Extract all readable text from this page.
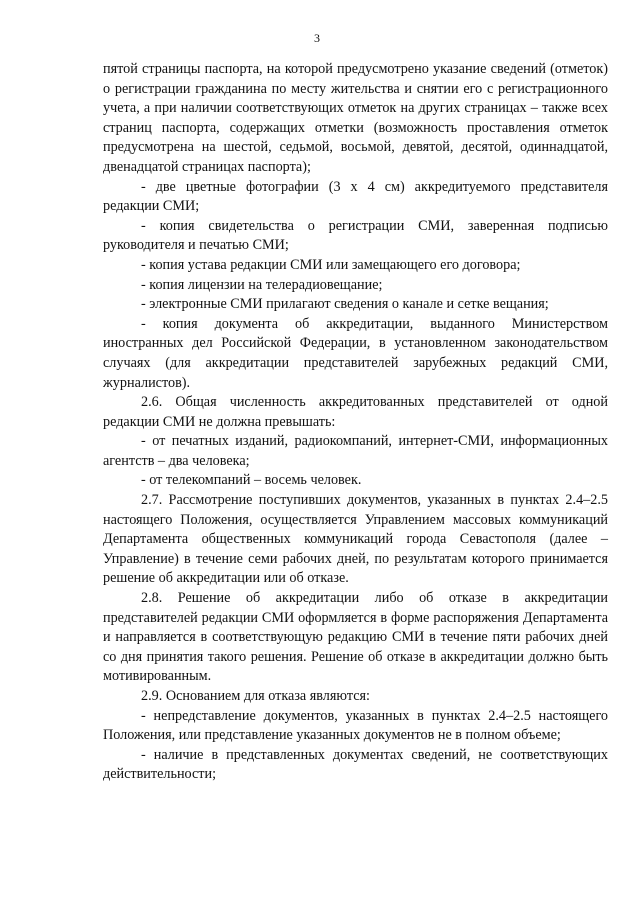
3

пятой страницы паспорта, на которой предусмотрено указание сведений (отметок) о регистрации гражданина по месту жительства и снятии его с регистрационного учета, а при наличии соответствующих отметок на других страницах – также всех страниц паспорта, содержащих отметки (возможность проставления отметок предусмотрена на шестой, седьмой, восьмой, девятой, десятой, одиннадцатой, двенадцатой страницах паспорта);

- две цветные фотографии (3 х 4 см) аккредитуемого представителя редакции СМИ;

- копия свидетельства о регистрации СМИ, заверенная подписью руководителя и печатью СМИ;

- копия устава редакции СМИ или замещающего его договора;

- копия лицензии на телерадиовещание;

- электронные СМИ прилагают сведения о канале и сетке вещания;

- копия документа об аккредитации, выданного Министерством иностранных дел Российской Федерации, в установленном законодательством случаях (для аккредитации представителей зарубежных редакций СМИ, журналистов).

2.6. Общая численность аккредитованных представителей от одной редакции СМИ не должна превышать:

- от печатных изданий, радиокомпаний, интернет-СМИ, информационных агентств – два человека;

- от телекомпаний – восемь человек.

2.7. Рассмотрение поступивших документов, указанных в пунктах 2.4–2.5 настоящего Положения, осуществляется Управлением массовых коммуникаций Департамента общественных коммуникаций города Севастополя (далее – Управление) в течение семи рабочих дней, по результатам которого принимается решение об аккредитации или об отказе.

2.8. Решение об аккредитации либо об отказе в аккредитации представителей редакции СМИ оформляется в форме распоряжения Департамента и направляется в соответствующую редакцию СМИ в течение пяти рабочих дней со дня принятия такого решения. Решение об отказе в аккредитации должно быть мотивированным.

2.9. Основанием для отказа являются:

- непредставление документов, указанных в пунктах 2.4–2.5 настоящего Положения, или представление указанных документов не в полном объеме;

- наличие в представленных документах сведений, не соответствующих действительности;
